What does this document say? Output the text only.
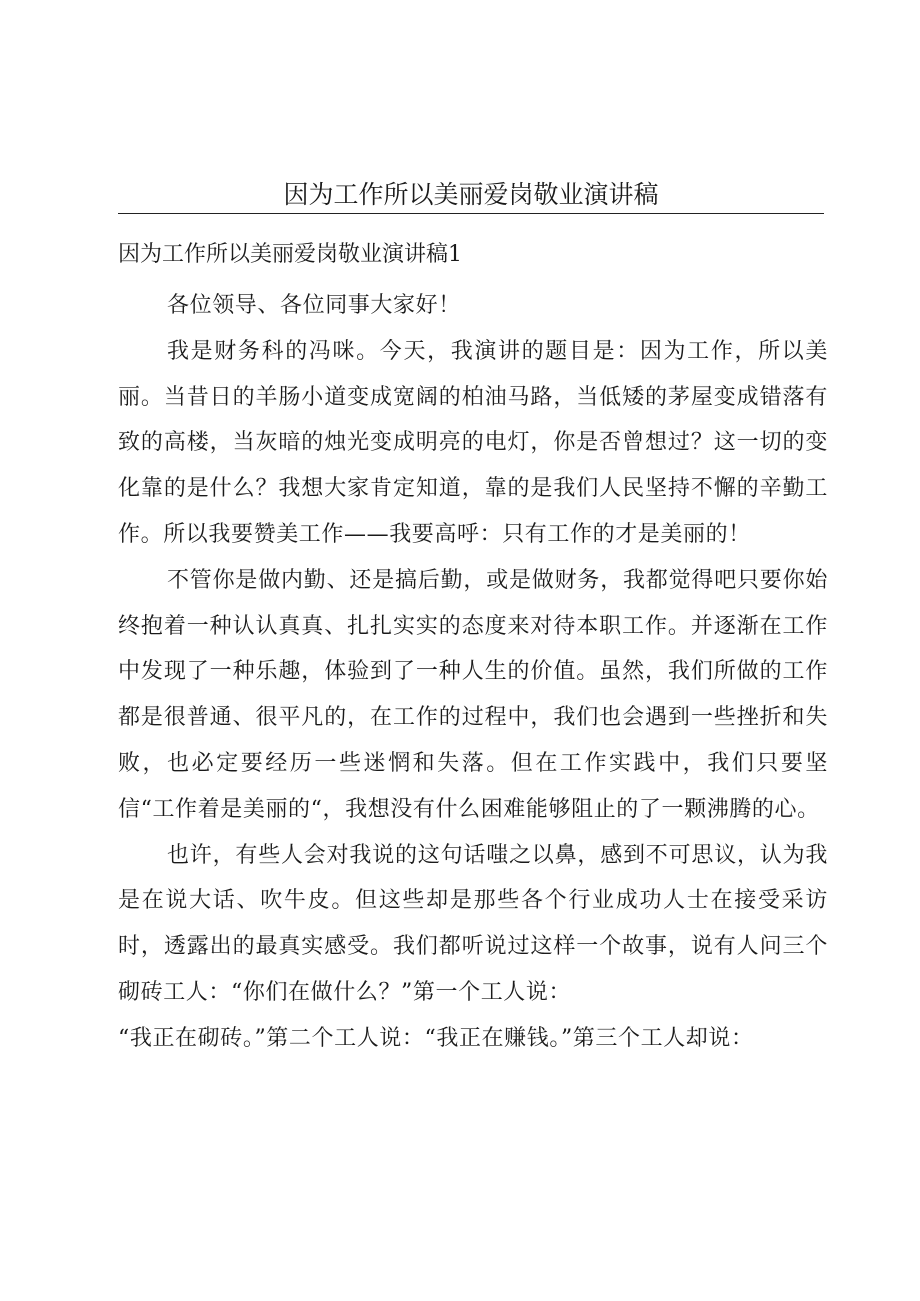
因为工作所以美丽爱岗敬业演讲稿

因为工作所以美丽爱岗敬业演讲稿1

各位领导、各位同事大家好！

我是财务科的冯咪。今天，我演讲的题目是：因为工作，所以美丽。当昔日的羊肠小道变成宽阔的柏油马路，当低矮的茅屋变成错落有致的高楼，当灰暗的烛光变成明亮的电灯，你是否曾想过？这一切的变化靠的是什么？我想大家肯定知道，靠的是我们人民坚持不懈的辛勤工作。所以我要赞美工作——我要高呼：只有工作的才是美丽的！

不管你是做内勤、还是搞后勤，或是做财务，我都觉得吧只要你始终抱着一种认认真真、扎扎实实的态度来对待本职工作。并逐渐在工作中发现了一种乐趣，体验到了一种人生的价值。虽然，我们所做的工作都是很普通、很平凡的，在工作的过程中，我们也会遇到一些挫折和失败，也必定要经历一些迷惘和失落。但在工作实践中，我们只要坚信“工作着是美丽的“，我想没有什么困难能够阻止的了一颗沸腾的心。

也许，有些人会对我说的这句话嗤之以鼻，感到不可思议，认为我是在说大话、吹牛皮。但这些却是那些各个行业成功人士在接受采访时，透露出的最真实感受。我们都听说过这样一个故事，说有人问三个砌砖工人：“你们在做什么？”第一个工人说：

“我正在砌砖。”第二个工人说：“我正在赚钱。”第三个工人却说：
